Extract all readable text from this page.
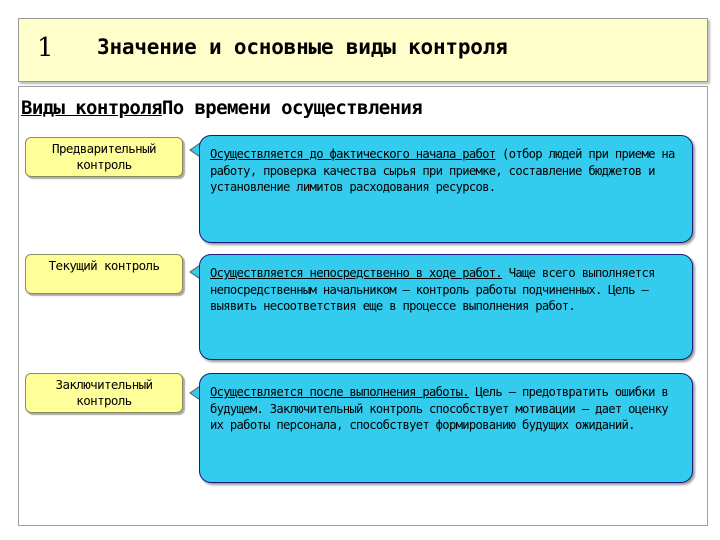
1 Значение и основные виды контроля
Виды контроляПо времени осуществления
Предварительный контроль
Осуществляется до фактического начала работ (отбор людей при приеме на работу, проверка качества сырья при приемке, составление бюджетов и установление лимитов расходования ресурсов.
Текущий контроль	Осуществляется непосредственно в ходе работ. Чаще всего выполняется непосредственным начальником – контроль работы подчиненных. Цель – выявить несоответствия еще в процессе выполнения работ.
Заключительный контроль
Осуществляется после выполнения работы. Цель – предотвратить ошибки в будущем. Заключительный контроль способствует мотивации – дает оценку их работы персонала, способствует формированию будущих ожиданий.
